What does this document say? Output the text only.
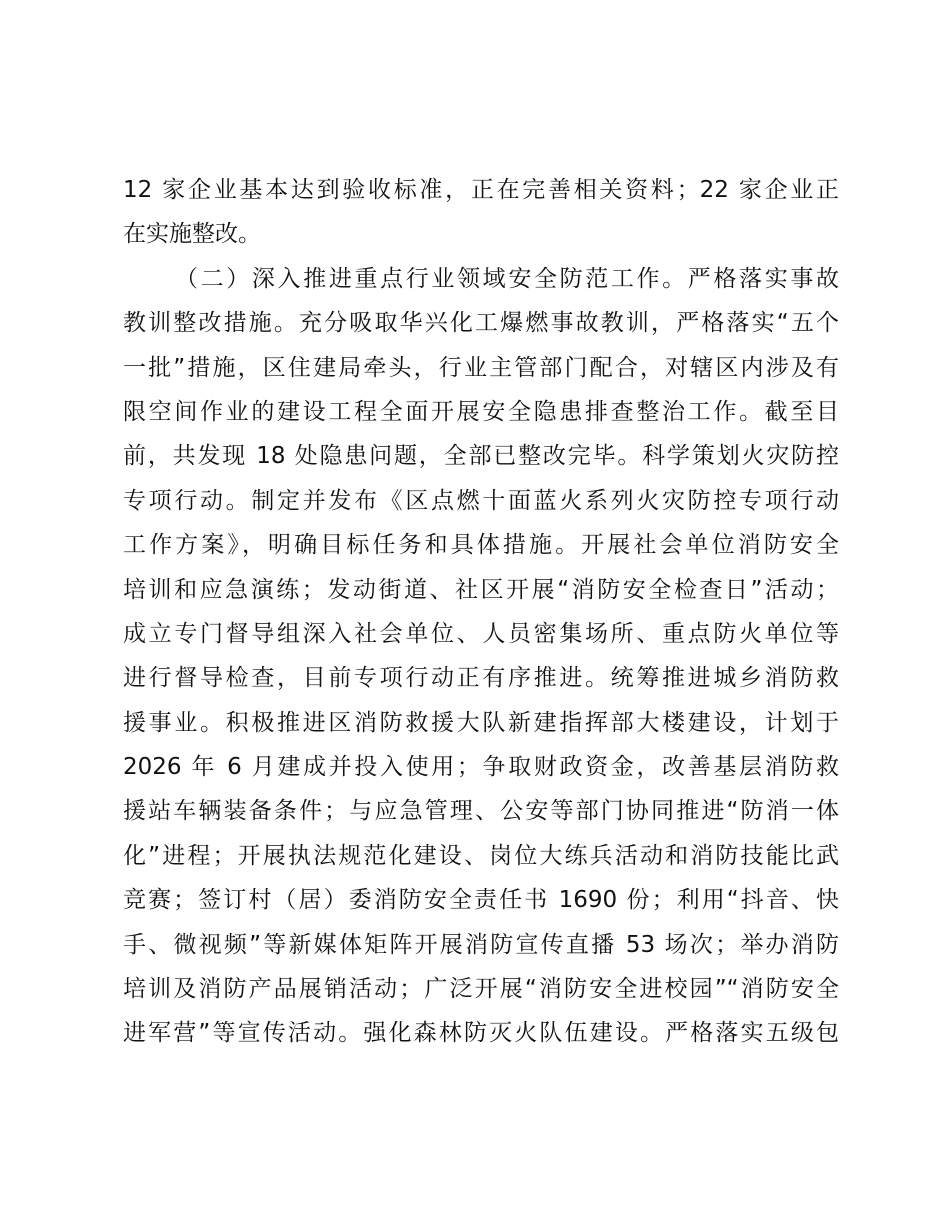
12 家企业基本达到验收标准，正在完善相关资料；22 家企业正
在实施整改。
（二）深入推进重点行业领域安全防范工作。严格落实事故
教训整改措施。充分吸取华兴化工爆燃事故教训，严格落实“五个
一批”措施，区住建局牵头，行业主管部门配合，对辖区内涉及有
限空间作业的建设工程全面开展安全隐患排查整治工作。截至目
前，共发现 18 处隐患问题，全部已整改完毕。科学策划火灾防控
专项行动。制定并发布《区点燃十面蓝火系列火灾防控专项行动
工作方案》，明确目标任务和具体措施。开展社会单位消防安全
培训和应急演练；发动街道、社区开展“消防安全检查日”活动；
成立专门督导组深入社会单位、人员密集场所、重点防火单位等
进行督导检查，目前专项行动正有序推进。统筹推进城乡消防救
援事业。积极推进区消防救援大队新建指挥部大楼建设，计划于
2026 年 6 月建成并投入使用；争取财政资金，改善基层消防救
援站车辆装备条件；与应急管理、公安等部门协同推进“防消一体
化”进程；开展执法规范化建设、岗位大练兵活动和消防技能比武
竞赛；签订村（居）委消防安全责任书 1690 份；利用“抖音、快
手、微视频”等新媒体矩阵开展消防宣传直播 53 场次；举办消防
培训及消防产品展销活动；广泛开展“消防安全进校园”“消防安全
进军营”等宣传活动。强化森林防灭火队伍建设。严格落实五级包
